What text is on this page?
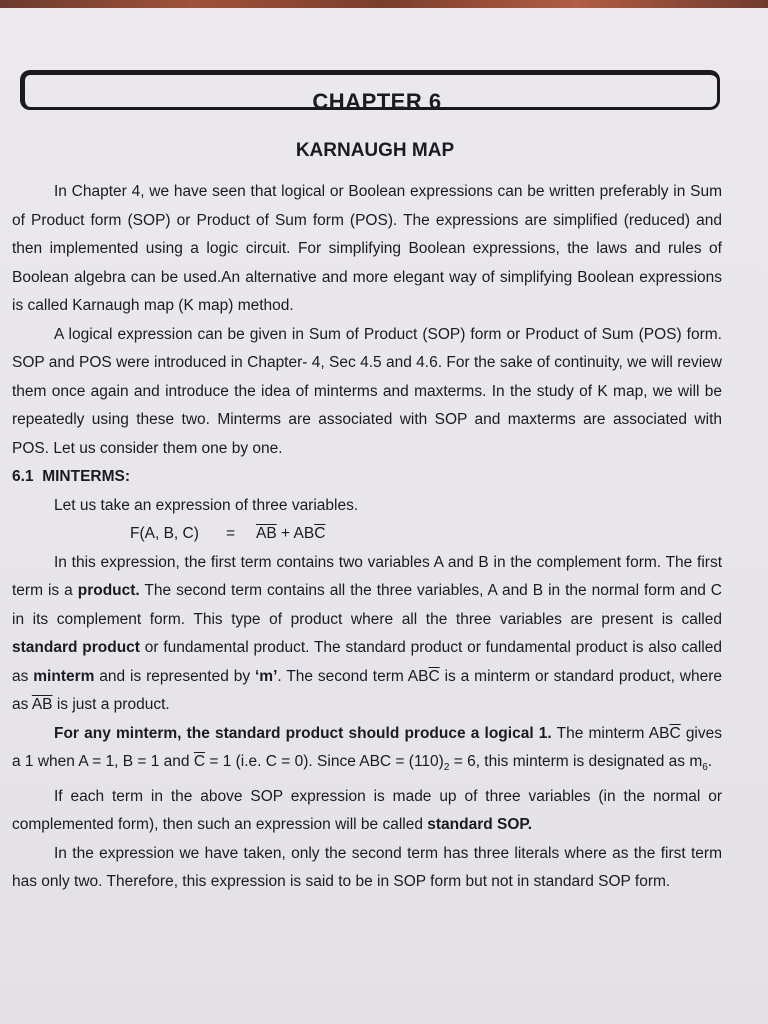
CHAPTER 6
KARNAUGH MAP

In Chapter 4, we have seen that logical or Boolean expressions can be written preferably in Sum of Product form (SOP) or Product of Sum form (POS). The expressions are simplified (reduced) and then implemented using a logic circuit. For simplifying Boolean expressions, the laws and rules of Boolean algebra can be used.An alternative and more elegant way of simplifying Boolean expressions is called Karnaugh map (K map) method.

A logical expression can be given in Sum of Product (SOP) form or Product of Sum (POS) form. SOP and POS were introduced in Chapter- 4, Sec 4.5 and 4.6. For the sake of continuity, we will review them once again and introduce the idea of minterms and maxterms. In the study of K map, we will be repeatedly using these two. Minterms are associated with SOP and maxterms are associated with POS. Let us consider them one by one.

6.1 MINTERMS:

Let us take an expression of three variables.

F(A, B, $C) = \overline{AB} + AB\overline{C}$

In this expression, the first term contains two variables A and B in the complement form. The first term is a product. The second term contains all the three variables, A and B in the normal form and C in its complement form. This type of product where all the three variables are present is called standard product or fundamental product. The standard product or fundamental product is also called as minterm and is represented by ‘m’. The second term $AB\overline{C}$ is a minterm or standard product, where as $\overline{AB}$ is just a product.

For any minterm, the standard product should produce a logical 1. The minterm $AB\overline{C}$ gives a 1 when A = 1, B = 1 and $\overline{C} = 1$ (i.e. C = 0). Since ABC = $(110)_2 = 6$, this minterm is designated as $m_6$.

If each term in the above SOP expression is made up of three variables (in the normal or complemented form), then such an expression will be called standard SOP.

In the expression we have taken, only the second term has three literals where as the first term has only two. Therefore, this expression is said to be in SOP form but not in standard SOP form.
